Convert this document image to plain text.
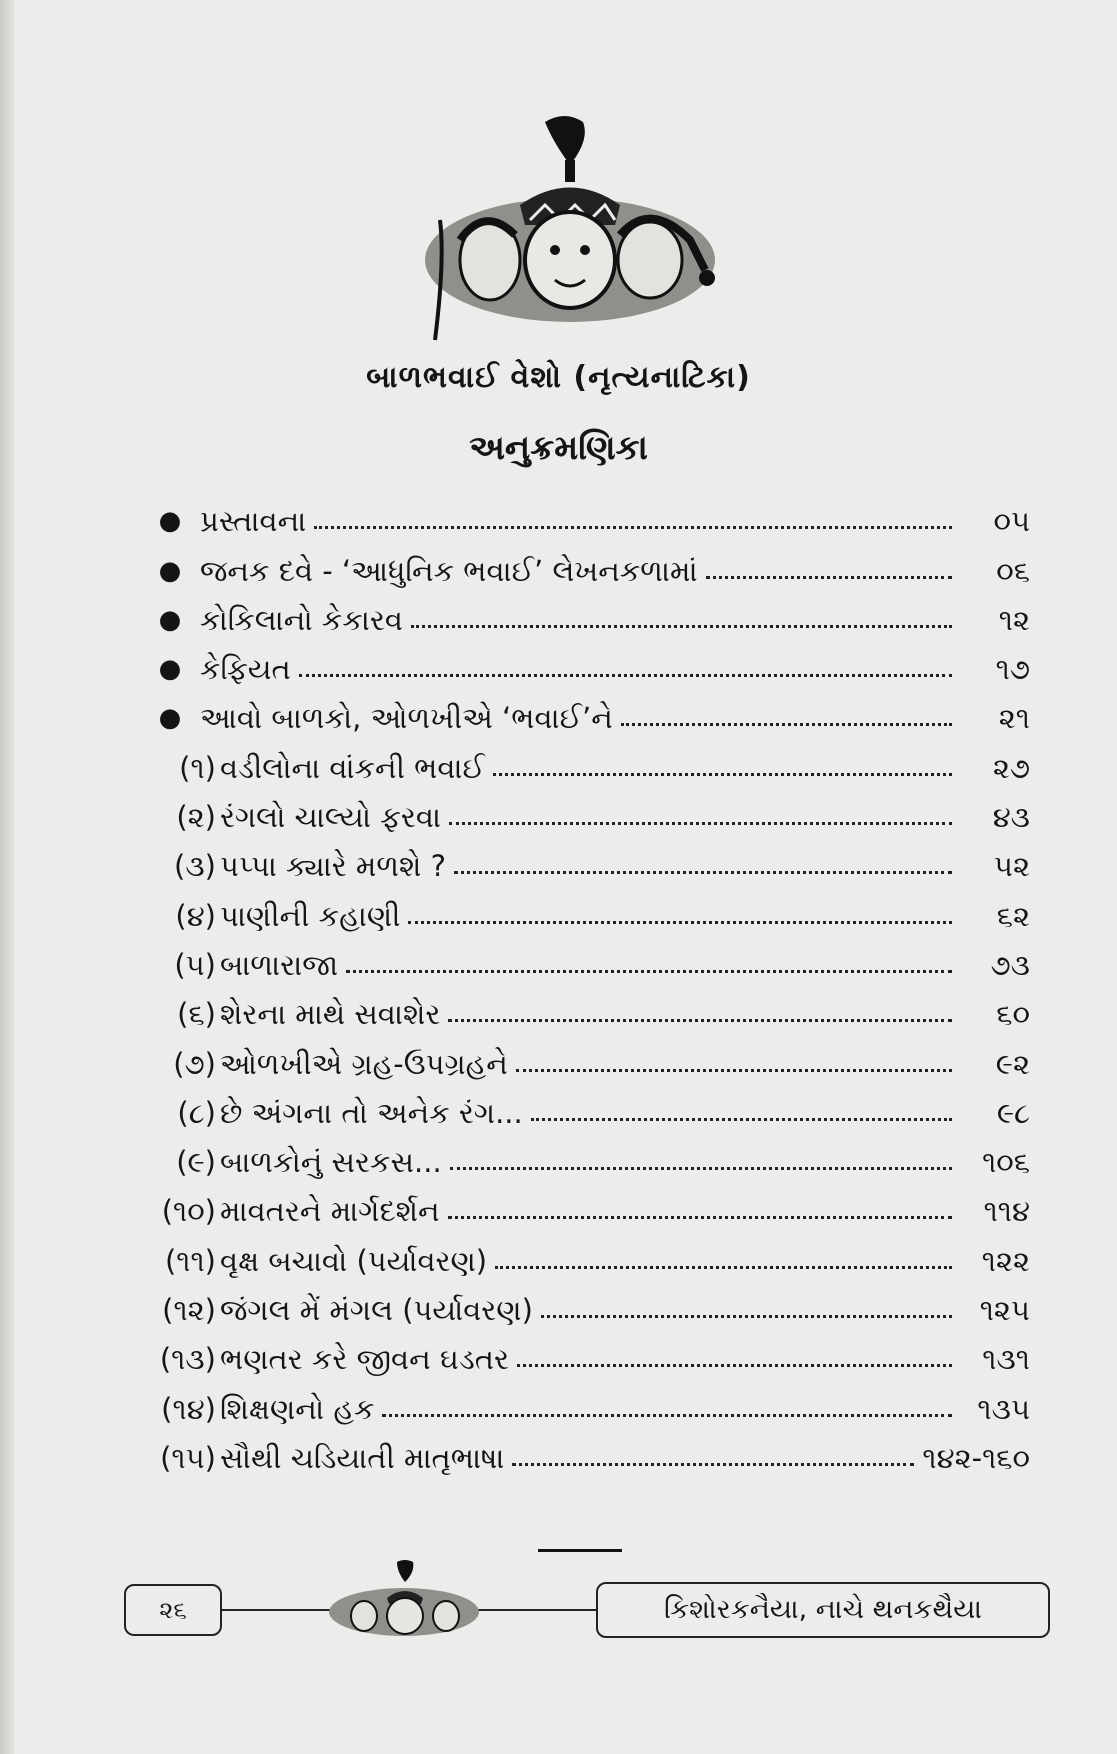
બાળભવાઈ વેશો (નૃત્યનાટિકા)
અનુક્રમણિકા
● પ્રસ્તાવના	૦૫
● જનક દવે - ‘આધુનિક ભવાઈ’ લેખનકળામાં	૦૬
● કોકિલાનો કેકારવ	૧૨
● કેફિયત	૧૭
● આવો બાળકો, ઓળખીએ ‘ભવાઈ’ને	૨૧
(૧) વડીલોના વાંકની ભવાઈ	૨૭
(૨) રંગલો ચાલ્યો ફરવા	૪૩
(૩) પપ્પા ક્યારે મળશે ?	૫૨
(૪) પાણીની કહાણી	૬૨
(૫) બાળારાજા	૭૩
(૬) શેરના માથે સવાશેર	૬૦
(૭) ઓળખીએ ગ્રહ-ઉપગ્રહને	૯૨
(૮) છે અંગના તો અનેક રંગ...	૯૮
(૯) બાળકોનું સરકસ...	૧૦૬
(૧૦) માવતરને માર્ગદર્શન	૧૧૪
(૧૧) વૃક્ષ બચાવો (પર્યાવરણ)	૧૨૨
(૧૨) જંગલ મેં મંગલ (પર્યાવરણ)	૧૨૫
(૧૩) ભણતર કરે જીવન ઘડતર	૧૩૧
(૧૪) શિક્ષણનો હક	૧૩૫
(૧૫) સૌથી ચડિયાતી માતૃભાષા	૧૪૨-૧૬૦
૨૬	કિશોરકનૈયા, નાચે થનકથૈયા
